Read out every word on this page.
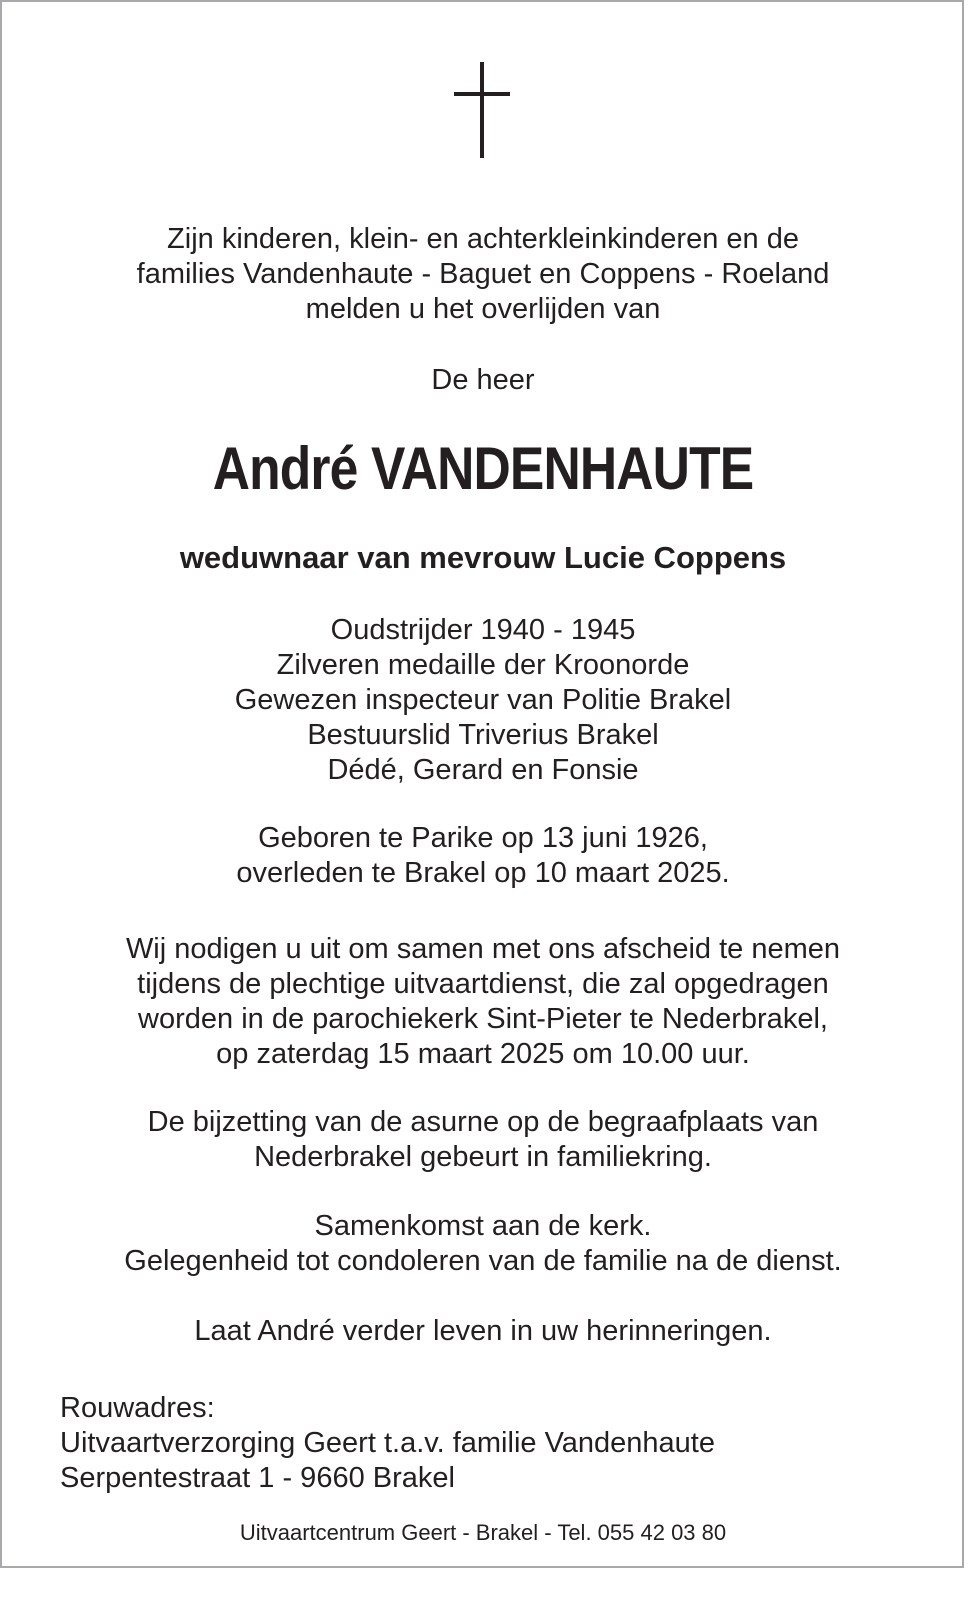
Zijn kinderen, klein- en achterkleinkinderen en de
families Vandenhaute - Baguet en Coppens - Roeland
melden u het overlijden van
De heer
André VANDENHAUTE
weduwnaar van mevrouw Lucie Coppens
Oudstrijder 1940 - 1945
Zilveren medaille der Kroonorde
Gewezen inspecteur van Politie Brakel
Bestuurslid Triverius Brakel
Dédé, Gerard en Fonsie
Geboren te Parike op 13 juni 1926,
overleden te Brakel op 10 maart 2025.
Wij nodigen u uit om samen met ons afscheid te nemen
tijdens de plechtige uitvaartdienst, die zal opgedragen
worden in de parochiekerk Sint-Pieter te Nederbrakel,
op zaterdag 15 maart 2025 om 10.00 uur.
De bijzetting van de asurne op de begraafplaats van
Nederbrakel gebeurt in familiekring.
Samenkomst aan de kerk.
Gelegenheid tot condoleren van de familie na de dienst.
Laat André verder leven in uw herinneringen.
Rouwadres:
Uitvaartverzorging Geert t.a.v. familie Vandenhaute
Serpentestraat 1 - 9660 Brakel
Uitvaartcentrum Geert - Brakel - Tel. 055 42 03 80
